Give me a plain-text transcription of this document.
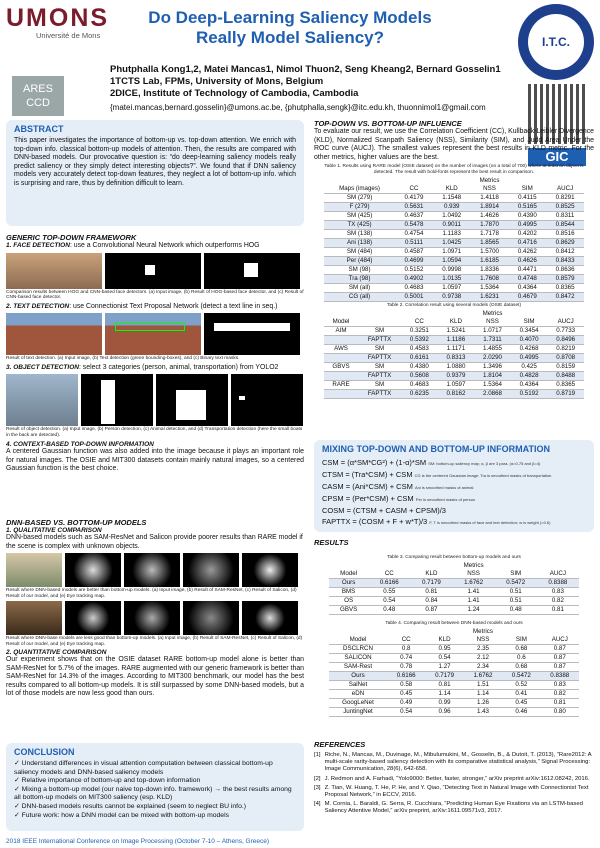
UMONS
Université de Mons
Do Deep-Learning Saliency Models
Really Model Saliency?	I.T.C.
ARES CCD
Phutphalla Kong1,2, Matei Mancas1, Nimol Thuon2, Seng Kheang2, Bernard Gosselin1
1TCTS Lab, FPMs, University of Mons, Belgium
2DICE, Institute of Technology of Cambodia, Cambodia
{matei.mancas,bernard.gosselin}@umons.ac.be, {phutphalla,sengk}@itc.edu.kh, thuonnimol1@gmail.com
GIC
ABSTRACT
This paper investigates the importance of bottom-up vs. top-down attention. We enrich with top-down info. classical bottom-up models of attention. Then, the results are compared with DNN-based models. Our provocative question is: “do deep-learning saliency models really predict saliency or they simply detect interesting objects?”. We found that if DNN saliency models very accurately detect top-down features, they neglect a lot of bottom-up info. which is surprising and rare, thus by definition difficult to learn.
GENERIC TOP-DOWN FRAMEWORK
1. FACE DETECTION: use a Convolutional Neural Network which outperforms HOG
Comparison results between HOG and CNN-based face detectors. (a) Input image, (b) Result of HOG-based face detector, and (c) Result of CNN-based face detector.
2. TEXT DETECTION: use Connectionist Text Proposal Network (detect a text line in seq.)
Result of text detection. (a) Input image, (b) Text detection (green bounding-boxes), and (c) Binary text masks.
3. OBJECT DETECTION: select 3 categories (person, animal, transportation) from YOLO2
Result of object detection. (a) Input image, (b) Person detection, (c) Animal detection, and (d) Transportation detection (here the small boats in the back are detected).
4. CONTEXT-BASED TOP-DOWN INFORMATION
A centered Gaussian function was also added into the image because it plays an important role for natural images. The OSIE and MIT300 datasets contain mainly natural images, so a centered Gaussian function is the best choice.
DNN-BASED VS. BOTTOM-UP MODELS
1. QUALITATIVE COMPARISON
DNN-based models such as SAM-ResNet and Salicon provide poorer results than RARE model if the scene is complex with unknown objects.
Result where DNN-based models are better than bottom-up models. (a) Input image, (b) Result of SAM-ResNet, (c) Result of Salicon, (d) Result of our model, and (e) Eye tracking map.
Result where DNN-base models are less good than bottom-up models. (a) Input image, (b) Result of SAM-ResNet, (c) Result of Salicon, (d) Result of our model, and (e) Eye tracking map.
2. QUANTITATIVE COMPARISON
Our experiment shows that on the OSIE dataset RARE bottom-up model alone is better than SAM-ResNet for 5.7% of the images. RARE augmented with our generic framework is better than SAM-ResNet for 14.3% of the images. According to MIT300 benchmark, our model has the best results compared to all bottom-up models. It is still surpassed by some DNN-based models, but a lot of those models are now less good than ours.
CONCLUSION
✓ Understand differences in visual attention computation between classical bottom-up saliency models and DNN-based saliency models
✓ Relative importance of bottom-up and top-down information
✓ Mixing a bottom-up model (our naive top-down info. framework) → the best results among all bottom-up models on MIT300 saliency (esp. KLD)
✓ DNN-based models results cannot be explained (seem to neglect BU info.)
✓ Future work: how a DNN model can be mixed with bottom-up models
TOP-DOWN VS. BOTTOM-UP INFLUENCE
To evaluate our result, we use the Correlation Coefficient (CC), Kullback-Leibler Divergence (KLD), Normalized Scanpath Saliency (NSS), Similarity (SIM), and Judd Area Under the ROC curve (AUCJ). The smallest values represent the best results in KLD metric. For the other metrics, higher values are the best.
Table 1. Results using RARE model (OSIE dataset) on the number of images (on a total of 700) where at least an object is detected. The result with bold-fonts represent the best result in comparison.
	Metrics				
Maps (images)	CC	KLD	NSS	SIM	AUCJ
SM (279)	0.4179	1.1548	1.4118	0.4115	0.8291
F (279)	0.5631	0.939	1.8914	0.5165	0.8525
SM (425)	0.4637	1.0492	1.4626	0.4390	0.8311
TX (425)	0.5478	0.9011	1.7870	0.4995	0.8544
SM (138)	0.4754	1.1183	1.7178	0.4202	0.8516
Ani (138)	0.5111	1.0425	1.8565	0.4716	0.8629
SM (484)	0.4587	1.0971	1.5700	0.4262	0.8412
Per (484)	0.4699	1.0594	1.6185	0.4626	0.8433
SM (98)	0.5152	0.9998	1.8336	0.4471	0.8636
Tra (98)	0.4902	1.0135	1.7608	0.4748	0.8579
SM (all)	0.4683	1.0597	1.5364	0.4364	0.8365
CG (all)	0.5001	0.9738	1.6231	0.4679	0.8472
Table 2. Correlation result using several models (OSIE dataset)
		Metrics				
Model		CC	KLD	NSS	SIM	AUCJ
AIM	SM	0.3251	1.5241	1.0717	0.3454	0.7733
	FAPTTX	0.5392	1.1186	1.7311	0.4070	0.8496
AWS	SM	0.4583	1.1171	1.4855	0.4268	0.8219
	FAPTTX	0.6161	0.8313	2.0290	0.4995	0.8708
GBVS	SM	0.4380	1.0880	1.3496	0.425	0.8159
	FAPTTX	0.5608	0.9379	1.8104	0.4828	0.8488
RARE	SM	0.4683	1.0597	1.5364	0.4364	0.8365
	FAPTTX	0.6235	0.8162	2.0868	0.5192	0.8719
MIXING TOP-DOWN AND BOTTOM-UP INFORMATION
CSM = (α*SM*CG²) + (1-α)*SM SM: bottom-up saliency map; α, β are 3 para. (α=0.75 and β=4)
CTSM = (Tra*CSM) + CSM CG is the centered Gaussian image; Tra is smoothed masks of transportation
CASM = (Ani*CSM) + CSM Ani is smoothed masks of animal
CPSM = (Per*CSM) + CSM Per is smoothed masks of person
COSM = (CTSM + CASM + CPSM)/3
FAPTTX = (COSM + F + w*T)/3 F, T is smoothed masks of face and text detection; w is weight (=0.6)
RESULTS
Table 3. Comparing result between bottom-up models and ours
	Metrics				
Model	CC	KLD	NSS	SIM	AUCJ
Ours	0.6166	0.7179	1.6762	0.5472	0.8388
BMS	0.55	0.81	1.41	0.51	0.83
OS	0.54	0.84	1.41	0.51	0.82
GBVS	0.48	0.87	1.24	0.48	0.81
Table 4. Comparing result between DNN-based models and ours
	Metrics				
Model	CC	KLD	NSS	SIM	AUCJ
DSCLRCN	0.8	0.95	2.35	0.68	0.87
SALICON	0.74	0.54	2.12	0.6	0.87
SAM-Rest	0.78	1.27	2.34	0.68	0.87
Ours	0.6166	0.7179	1.6762	0.5472	0.8388
SalNet	0.58	0.81	1.51	0.52	0.83
eDN	0.45	1.14	1.14	0.41	0.82
GoogLeNet	0.49	0.99	1.26	0.45	0.81
JuntingNet	0.54	0.96	1.43	0.46	0.80
REFERENCES
[1] Riche, N., Mancas, M., Duvinage, M., Mibulumukini, M., Gosselin, B., & Dutoit, T. (2013), “Rare2012: A multi-scale rarity-based saliency detection with its comparative statistical analysis,” Signal Processing: Image Communication, 28(6), 642-658.
[2] J. Redmon and A. Farhadi, “Yolo9000: Better, faster, stronger,” arXiv preprint arXiv:1612.08242, 2016.
[3] Z. Tian, W. Huang, T. He, P. He, and Y. Qiao, “Detecting Text in Natural Image with Connectionist Text Proposal Network,” in ECCV, 2016.
[4] M. Cornia, L. Baraldi, G. Serra, R. Cucchiara, “Predicting Human Eye Fixations via an LSTM-based Saliency Attentive Model,” arXiv preprint, arXiv:1611.09571v3, 2017.
2018 IEEE International Conference on Image Processing (October 7-10 – Athens, Greece)
